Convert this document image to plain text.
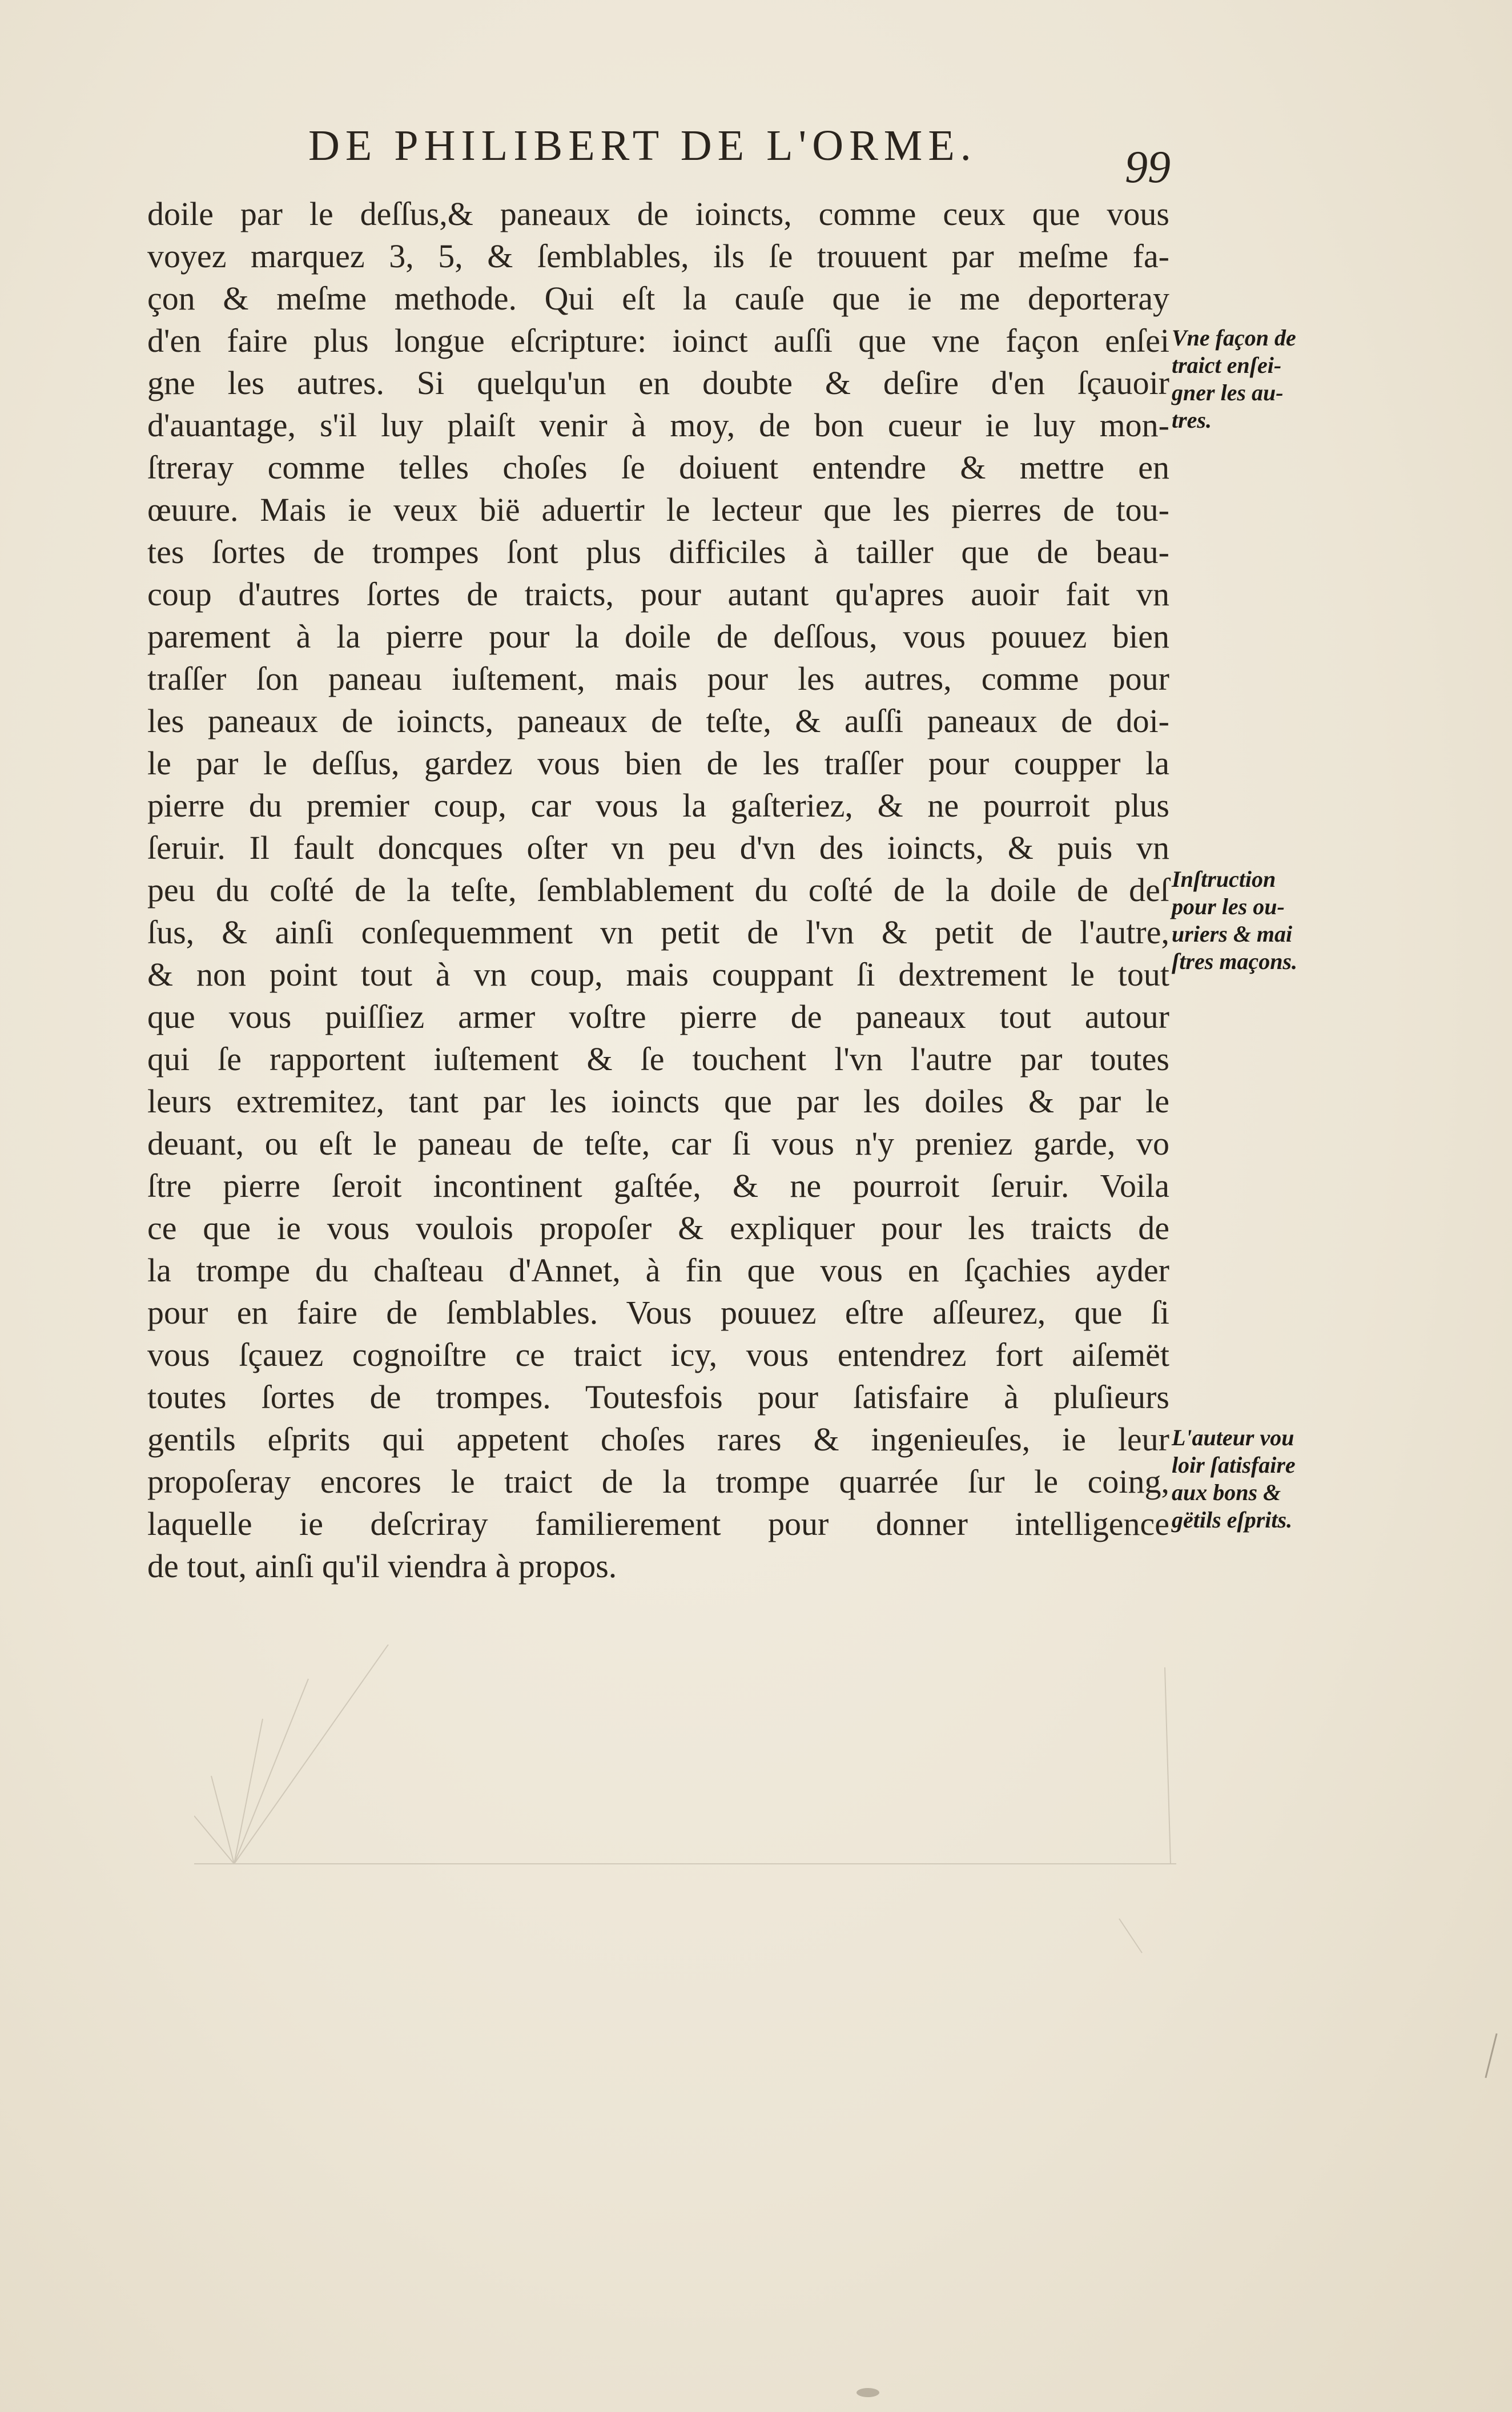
DE PHILIBERT DE L'ORME.	99
doile par le deſſus,& paneaux de ioincts, comme ceux que vous
voyez marquez 3, 5, & ſemblables, ils ſe trouuent par meſme fa-
çon & meſme methode. Qui eſt la cauſe que ie me deporteray
d'en faire plus longue eſcripture: ioinct auſſi que vne façon enſei
gne les autres. Si quelqu'un en doubte & deſire d'en ſçauoir
d'auantage, s'il luy plaiſt venir à moy, de bon cueur ie luy mon-
ſtreray comme telles choſes ſe doiuent entendre & mettre en
œuure. Mais ie veux bië aduertir le lecteur que les pierres de tou-
tes ſortes de trompes ſont plus difficiles à tailler que de beau-
coup d'autres ſortes de traicts, pour autant qu'apres auoir fait vn
parement à la pierre pour la doile de deſſous, vous pouuez bien
traſſer ſon paneau iuſtement, mais pour les autres, comme pour
les paneaux de ioincts, paneaux de teſte, & auſſi paneaux de doi-
le par le deſſus, gardez vous bien de les traſſer pour coupper la
pierre du premier coup, car vous la gaſteriez, & ne pourroit plus
ſeruir. Il fault doncques oſter vn peu d'vn des ioincts, & puis vn
peu du coſté de la teſte, ſemblablement du coſté de la doile de deſ
ſus, & ainſi conſequemment vn petit de l'vn & petit de l'autre,
& non point tout à vn coup, mais couppant ſi dextrement le tout
que vous puiſſiez armer voſtre pierre de paneaux tout autour
qui ſe rapportent iuſtement & ſe touchent l'vn l'autre par toutes
leurs extremitez, tant par les ioincts que par les doiles & par le
deuant, ou eſt le paneau de teſte, car ſi vous n'y preniez garde, vo
ſtre pierre ſeroit incontinent gaſtée, & ne pourroit ſeruir. Voila
ce que ie vous voulois propoſer & expliquer pour les traicts de
la trompe du chaſteau d'Annet, à fin que vous en ſçachies ayder
pour en faire de ſemblables. Vous pouuez eſtre aſſeurez, que ſi
vous ſçauez cognoiſtre ce traict icy, vous entendrez fort aiſemët
toutes ſortes de trompes. Toutesfois pour ſatisfaire à pluſieurs
gentils eſprits qui appetent choſes rares & ingenieuſes, ie leur
propoſeray encores le traict de la trompe quarrée ſur le coing,
laquelle ie deſcriray familierement pour donner intelligence
de tout, ainſi qu'il viendra à propos.
Vne façon de
traict enſei-
gner les au-
tres.
Inſtruction
pour les ou-
uriers & mai
ſtres maçons.
L'auteur vou
loir ſatisfaire
aux bons &
gëtils eſprits.
